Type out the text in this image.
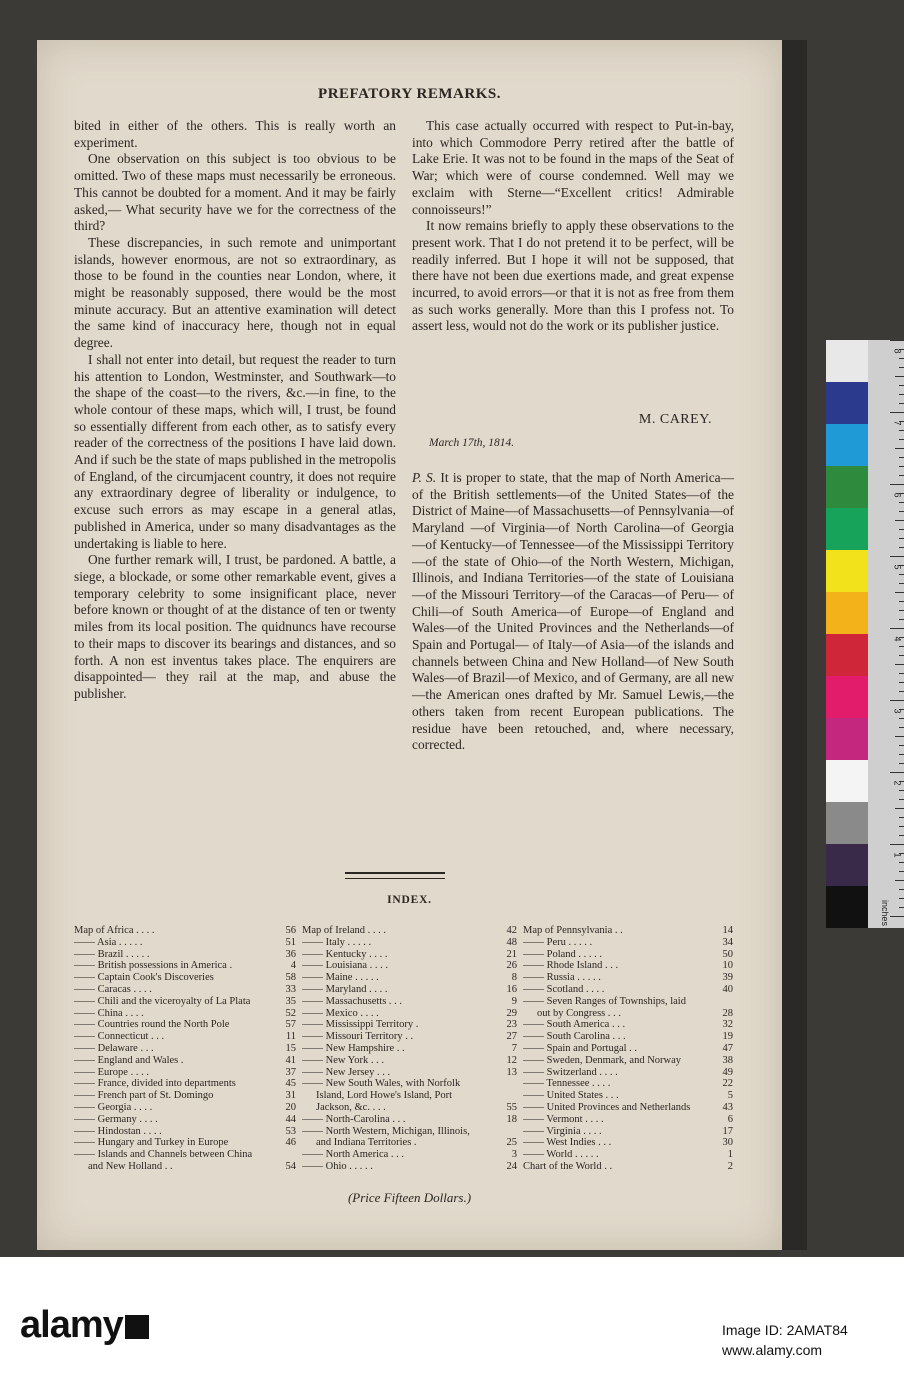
PREFATORY REMARKS.

bited in either of the others. This is really worth an experiment.

One observation on this subject is too obvious to be omitted. Two of these maps must necessarily be erroneous. This cannot be doubted for a moment. And it may be fairly asked,— What security have we for the correctness of the third?

These discrepancies, in such remote and unimportant islands, however enormous, are not so extraordinary, as those to be found in the counties near London, where, it might be reasonably supposed, there would be the most minute accuracy. But an attentive examination will detect the same kind of inaccuracy here, though not in equal degree.

I shall not enter into detail, but request the reader to turn his attention to London, Westminster, and Southwark—to the shape of the coast—to the rivers, &c.—in fine, to the whole contour of these maps, which will, I trust, be found so essentially different from each other, as to satisfy every reader of the correctness of the positions I have laid down. And if such be the state of maps published in the metropolis of England, of the circumjacent country, it does not require any extraordinary degree of liberality or indulgence, to excuse such errors as may escape in a general atlas, published in America, under so many disadvantages as the undertaking is liable to here.

One further remark will, I trust, be pardoned. A battle, a siege, a blockade, or some other remarkable event, gives a temporary celebrity to some insignificant place, never before known or thought of at the distance of ten or twenty miles from its local position. The quidnuncs have recourse to their maps to discover its bearings and distances, and so forth. A non est inventus takes place. The enquirers are disappointed— they rail at the map, and abuse the publisher.

This case actually occurred with respect to Put-in-bay, into which Commodore Perry retired after the battle of Lake Erie. It was not to be found in the maps of the Seat of War; which were of course condemned. Well may we exclaim with Sterne—“Excellent critics! Admirable connoisseurs!”

It now remains briefly to apply these observations to the present work. That I do not pretend it to be perfect, will be readily inferred. But I hope it will not be supposed, that there have not been due exertions made, and great expense incurred, to avoid errors—or that it is not as free from them as such works generally. More than this I profess not. To assert less, would not do the work or its publisher justice.

M. CAREY.
March 17th, 1814.
P. S. It is proper to state, that the map of North America—of the British settlements—of the United States—of the District of Maine—of Massachusetts—of Pennsylvania—of Maryland —of Virginia—of North Carolina—of Georgia —of Kentucky—of Tennessee—of the Mississippi Territory—of the state of Ohio—of the North Western, Michigan, Illinois, and Indiana Territories—of the state of Louisiana—of the Missouri Territory—of the Caracas—of Peru— of Chili—of South America—of Europe—of England and Wales—of the United Provinces and the Netherlands—of Spain and Portugal— of Italy—of Asia—of the islands and channels between China and New Holland—of New South Wales—of Brazil—of Mexico, and of Germany, are all new—the American ones drafted by Mr. Samuel Lewis,—the others taken from recent European publications. The residue have been retouched, and, where necessary, corrected.
INDEX.
Map of Africa . . . .	56
—— Asia . . . . .	51
—— Brazil . . . . .	36
—— British possessions in America .	4
—— Captain Cook's Discoveries	58
—— Caracas . . . .	33
—— Chili and the viceroyalty of La Plata	35
—— China . . . .	52
—— Countries round the North Pole	57
—— Connecticut . . .	11
—— Delaware . . .	15
—— England and Wales .	41
—— Europe . . . .	37
—— France, divided into departments	45
—— French part of St. Domingo	31
—— Georgia . . . .	20
—— Germany . . . .	44
—— Hindostan . . . .	53
—— Hungary and Turkey in Europe	46
—— Islands and Channels between China
and New Holland . .	54
Map of Ireland . . . .	42
—— Italy . . . . .	48
—— Kentucky . . . .	21
—— Louisiana . . . .	26
—— Maine . . . . .	8
—— Maryland . . . .	16
—— Massachusetts . . .	9
—— Mexico . . . .	29
—— Mississippi Territory .	23
—— Missouri Territory . .	27
—— New Hampshire . .	7
—— New York . . .	12
—— New Jersey . . .	13
—— New South Wales, with Norfolk
Island, Lord Howe's Island, Port
Jackson, &c. . . .	55
—— North-Carolina . . .	18
—— North Western, Michigan, Illinois,
and Indiana Territories .	25
—— North America . . .	3
—— Ohio . . . . .	24
Map of Pennsylvania . .	14
—— Peru . . . . .	34
—— Poland . . . . .	50
—— Rhode Island . . .	10
—— Russia . . . . .	39
—— Scotland . . . .	40
—— Seven Ranges of Townships, laid
out by Congress . . .	28
—— South America . . .	32
—— South Carolina . . .	19
—— Spain and Portugal . .	47
—— Sweden, Denmark, and Norway	38
—— Switzerland . . . .	49
—— Tennessee . . . .	22
—— United States . . .	5
—— United Provinces and Netherlands	43
—— Vermont . . . .	6
—— Virginia . . . .	17
—— West Indies . . .	30
—— World . . . . .	1
Chart of the World . .	2
(Price Fifteen Dollars.)
inches
1
2
3
4
5
6
7
8
alamy	Image ID: 2AMAT84
www.alamy.com
